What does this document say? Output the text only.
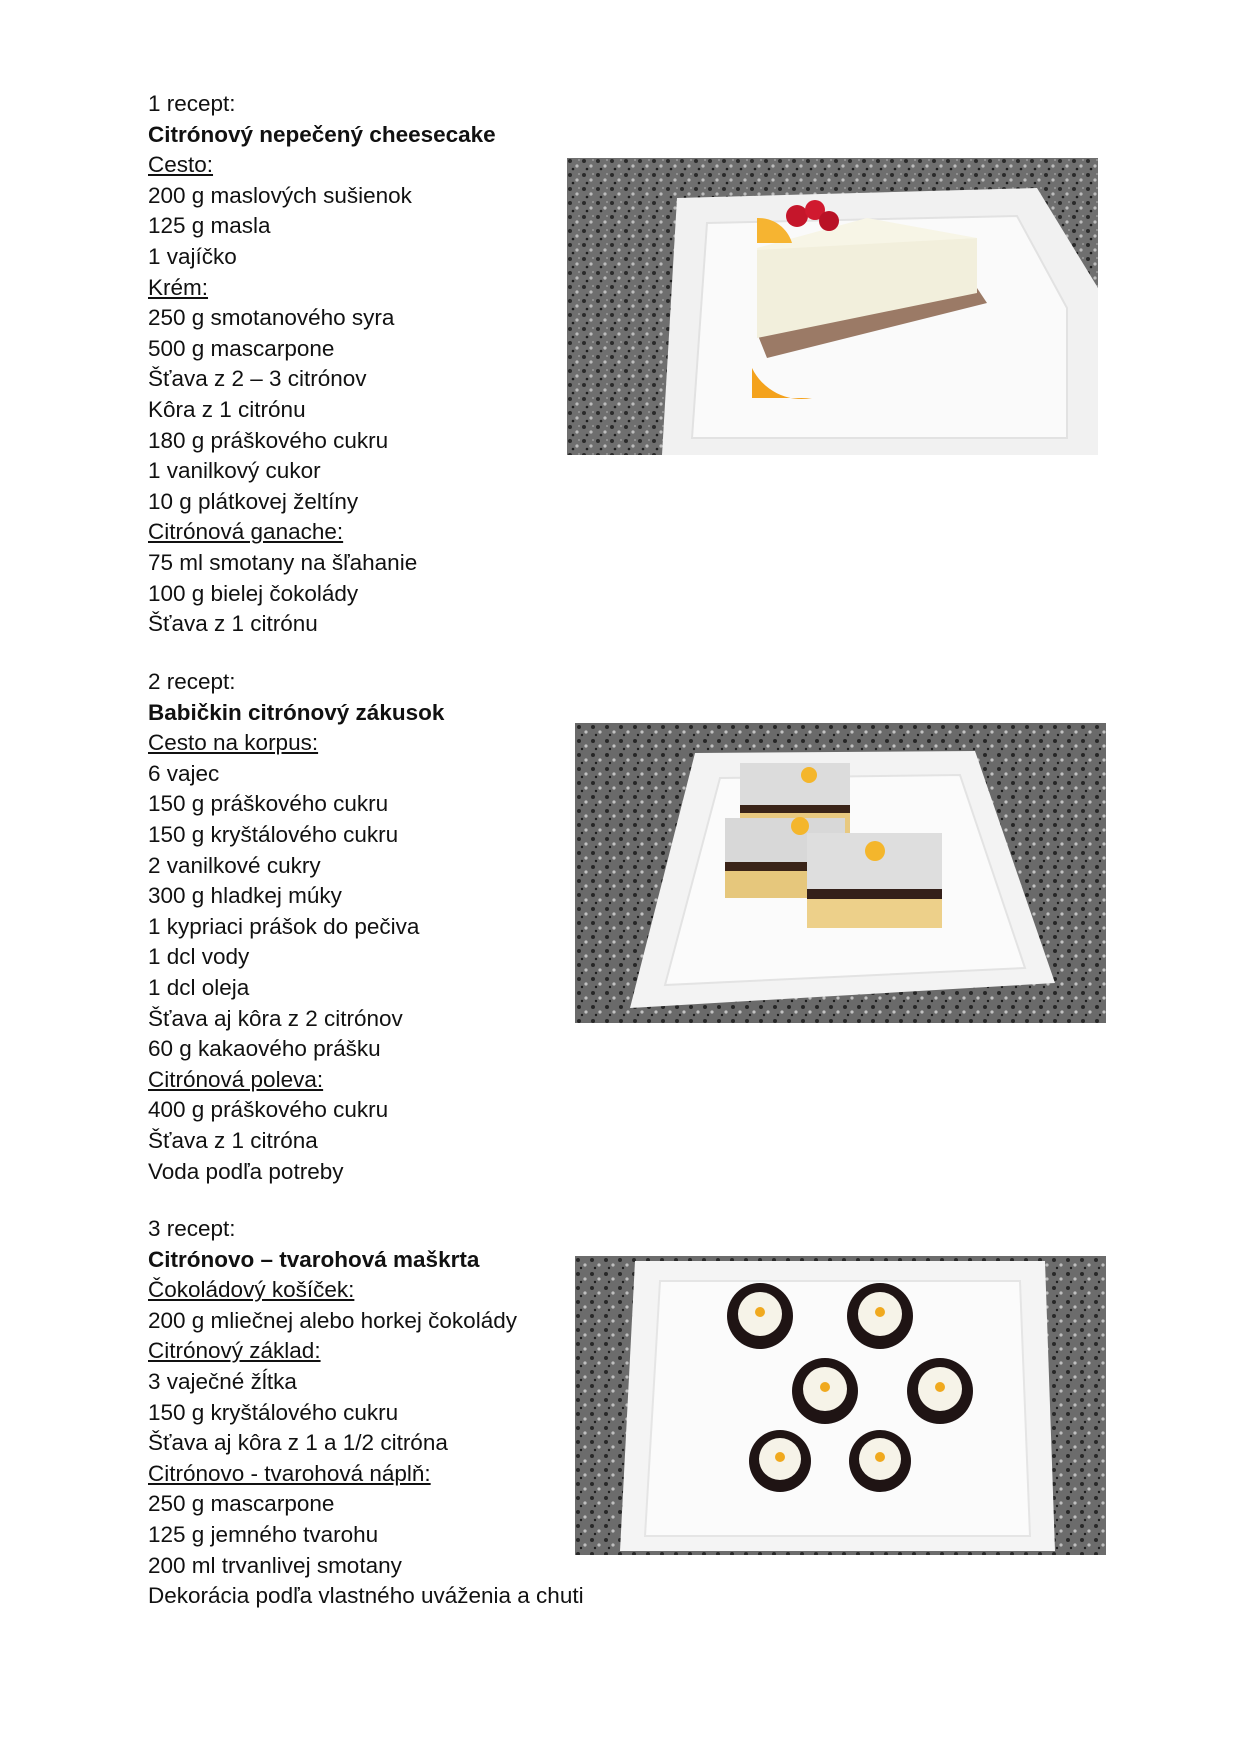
1 recept:
Citrónový nepečený cheesecake
Cesto:
200 g maslových sušienok
125 g masla
1 vajíčko
Krém:
250 g smotanového syra
500 g mascarpone
Šťava z 2 – 3 citrónov
Kôra z 1 citrónu
180 g práškového cukru
1 vanilkový cukor
10 g plátkovej želtíny
Citrónová ganache:
75 ml smotany na šľahanie
100 g bielej čokolády
Šťava z 1 citrónu
2 recept:
Babičkin citrónový zákusok
Cesto na korpus:
6 vajec
150 g práškového cukru
150 g kryštálového cukru
2 vanilkové cukry
300 g hladkej múky
1 kypriaci prášok do pečiva
1 dcl vody
1 dcl oleja
Šťava aj kôra z 2 citrónov
60 g kakaového prášku
Citrónová poleva:
400 g práškového cukru
Šťava z 1 citróna
Voda podľa potreby
3 recept:
Citrónovo – tvarohová maškrta
Čokoládový košíček:
200 g mliečnej alebo horkej čokolády
Citrónový základ:
3 vaječné žĺtka
150 g kryštálového cukru
Šťava aj kôra z 1 a 1/2 citróna
Citrónovo - tvarohová náplň:
250 g mascarpone
125 g jemného tvarohu
200 ml trvanlivej smotany
Dekorácia podľa vlastného uváženia a chuti
